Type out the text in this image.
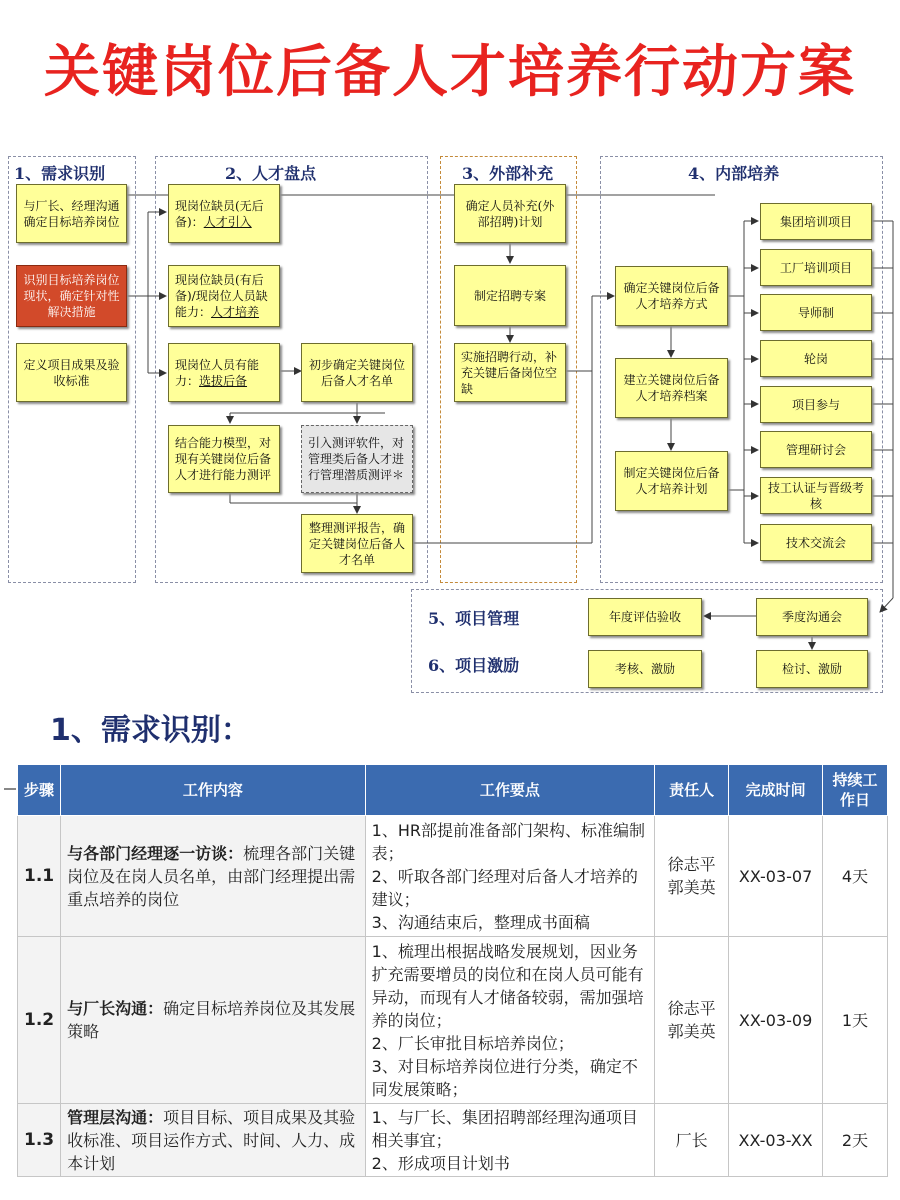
关键岗位后备人才培养行动方案
1、需求识别	2、人才盘点	3、外部补充	4、内部培养
5、项目管理
6、项目激励
与厂长、经理沟通确定目标培养岗位
识别目标培养岗位现状，确定针对性解决措施
定义项目成果及验收标准
现岗位缺员(无后备)：人才引入
现岗位缺员(有后备)/现岗位人员缺能力：人才培养
现岗位人员有能力：选拔后备
初步确定关键岗位后备人才名单
结合能力模型，对现有关键岗位后备人才进行能力测评
引入测评软件，对管理类后备人才进行管理潜质测评＊
整理测评报告，确定关键岗位后备人才名单
确定人员补充(外部招聘)计划
制定招聘专案
实施招聘行动，补充关键后备岗位空缺
确定关键岗位后备人才培养方式
建立关键岗位后备人才培养档案
制定关键岗位后备人才培养计划
集团培训项目
工厂培训项目
导师制
轮岗
项目参与
管理研讨会
技工认证与晋级考核
技术交流会
年度评估验收	季度沟通会
考核、激励	检讨、激励
1、需求识别：
步骤	工作内容	工作要点	责任人	完成时间	持续工作日
1.1	与各部门经理逐一访谈：梳理各部门关键岗位及在岗人员名单，由部门经理提出需重点培养的岗位	1、HR部提前准备部门架构、标准编制表；
2、听取各部门经理对后备人才培养的建议；
3、沟通结束后，整理成书面稿	徐志平郭美英	XX-03-07	4天
1.2	与厂长沟通：确定目标培养岗位及其发展策略	1、梳理出根据战略发展规划，因业务扩充需要增员的岗位和在岗人员可能有异动，而现有人才储备较弱，需加强培养的岗位；
2、厂长审批目标培养岗位；
3、对目标培养岗位进行分类，确定不同发展策略；	徐志平郭美英	XX-03-09	1天
1.3	管理层沟通：项目目标、项目成果及其验收标准、项目运作方式、时间、人力、成本计划	1、与厂长、集团招聘部经理沟通项目相关事宜；
2、形成项目计划书	厂长	XX-03-XX	2天
